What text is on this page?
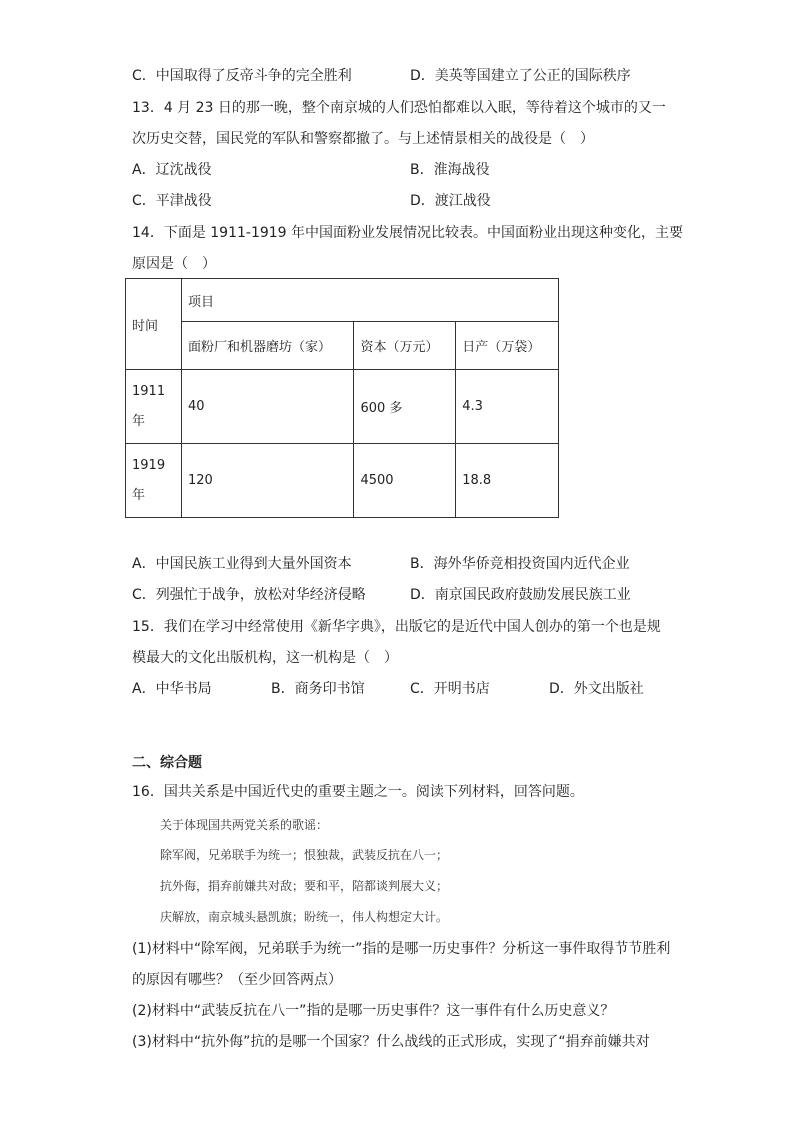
C．中国取得了反帝斗争的完全胜利	D．美英等国建立了公正的国际秩序
13．4 月 23 日的那一晚，整个南京城的人们恐怕都难以入眠，等待着这个城市的又一
次历史交替，国民党的军队和警察都撤了。与上述情景相关的战役是（　）
A．辽沈战役	B．淮海战役
C．平津战役	D．渡江战役
14．下面是 1911-1919 年中国面粉业发展情况比较表。中国面粉业出现这种变化，主要
原因是（　）
时间	项目		
	面粉厂和机器磨坊（家）	资本（万元）	日产（万袋）
1911
年	40	600 多	4.3
1919
年	120	4500	18.8
A．中国民族工业得到大量外国资本	B．海外华侨竞相投资国内近代企业
C．列强忙于战争，放松对华经济侵略	D．南京国民政府鼓励发展民族工业
15．我们在学习中经常使用《新华字典》，出版它的是近代中国人创办的第一个也是规
模最大的文化出版机构，这一机构是（　）
A．中华书局	B．商务印书馆	C．开明书店	D．外文出版社
二、综合题
16．国共关系是中国近代史的重要主题之一。阅读下列材料，回答问题。
关于体现国共两党关系的歌谣：
除军阀，兄弟联手为统一；恨独裁，武装反抗在八一；
抗外侮，捐弃前嫌共对敌；要和平，陪都谈判展大义；
庆解放，南京城头悬凯旗；盼统一，伟人构想定大计。
(1)材料中“除军阀，兄弟联手为统一”指的是哪一历史事件？分析这一事件取得节节胜利
的原因有哪些？（至少回答两点）
(2)材料中“武装反抗在八一”指的是哪一历史事件？这一事件有什么历史意义？
(3)材料中“抗外侮”抗的是哪一个国家？什么战线的正式形成，实现了“捐弃前嫌共对
